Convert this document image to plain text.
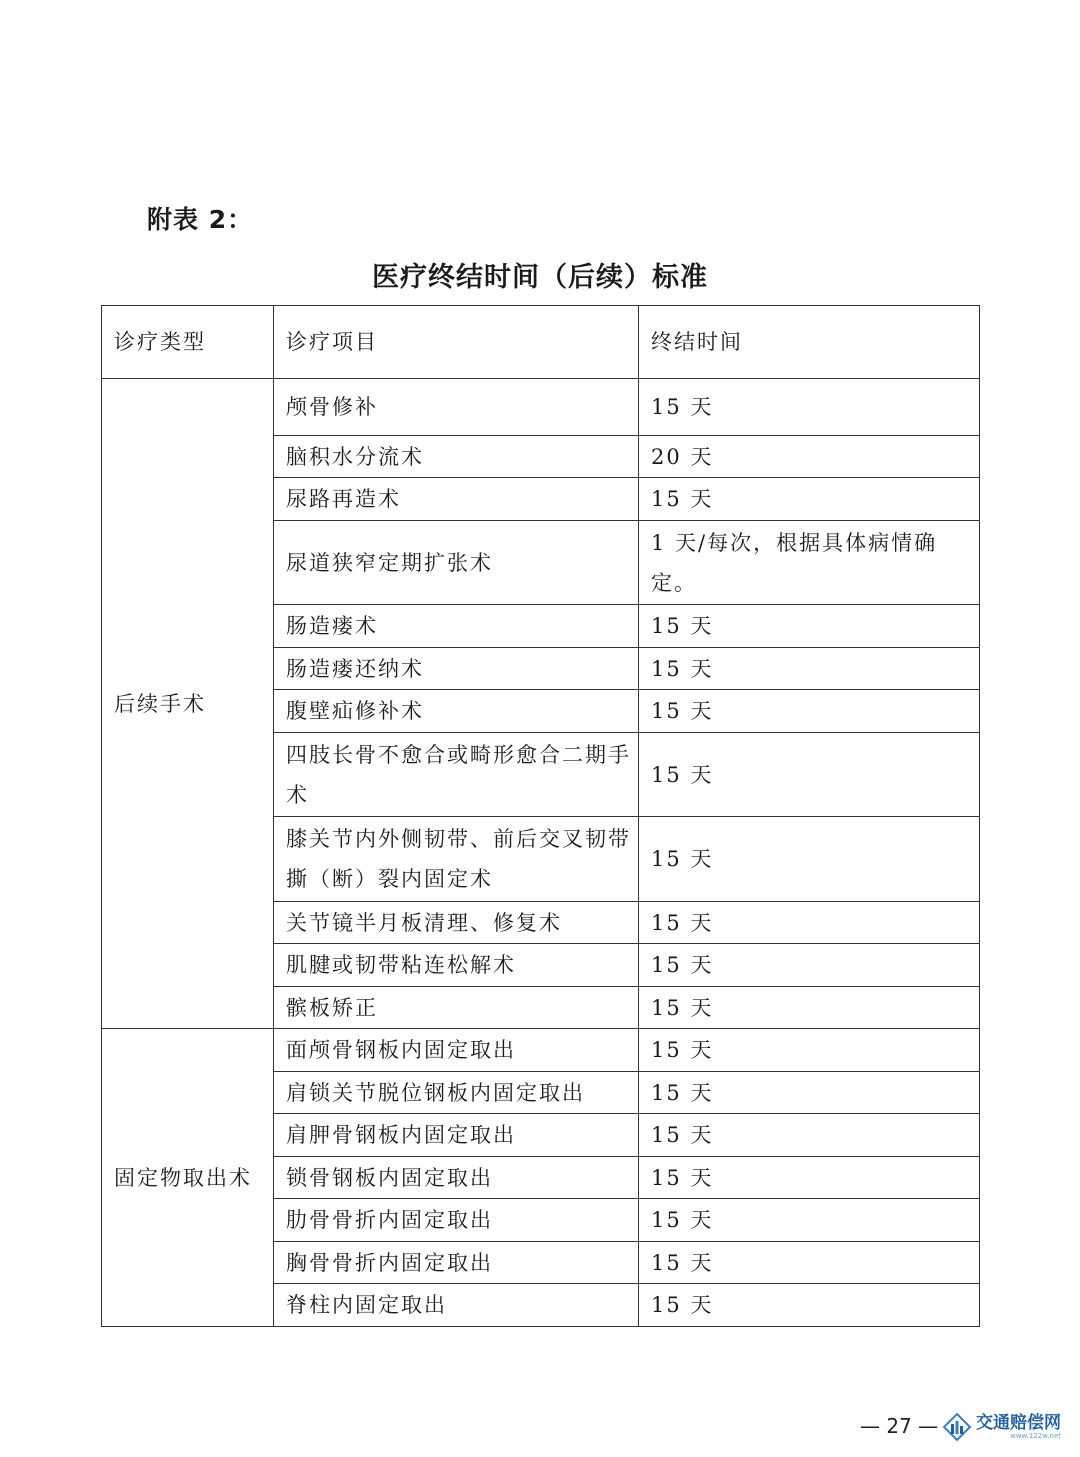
附表 2：
医疗终结时间（后续）标准
诊疗类型	诊疗项目	终结时间
后续手术	颅骨修补	15 天
	脑积水分流术	20 天
	尿路再造术	15 天
	尿道狭窄定期扩张术	1 天/每次，根据具体病情确定。
	肠造瘘术	15 天
	肠造瘘还纳术	15 天
	腹壁疝修补术	15 天
	四肢长骨不愈合或畸形愈合二期手术	15 天
	膝关节内外侧韧带、前后交叉韧带撕（断）裂内固定术	15 天
	关节镜半月板清理、修复术	15 天
	肌腱或韧带粘连松解术	15 天
	髌板矫正	15 天
固定物取出术	面颅骨钢板内固定取出	15 天
	肩锁关节脱位钢板内固定取出	15 天
	肩胛骨钢板内固定取出	15 天
	锁骨钢板内固定取出	15 天
	肋骨骨折内固定取出	15 天
	胸骨骨折内固定取出	15 天
	脊柱内固定取出	15 天
— 27 — 交通赔偿网
www.122w.net
